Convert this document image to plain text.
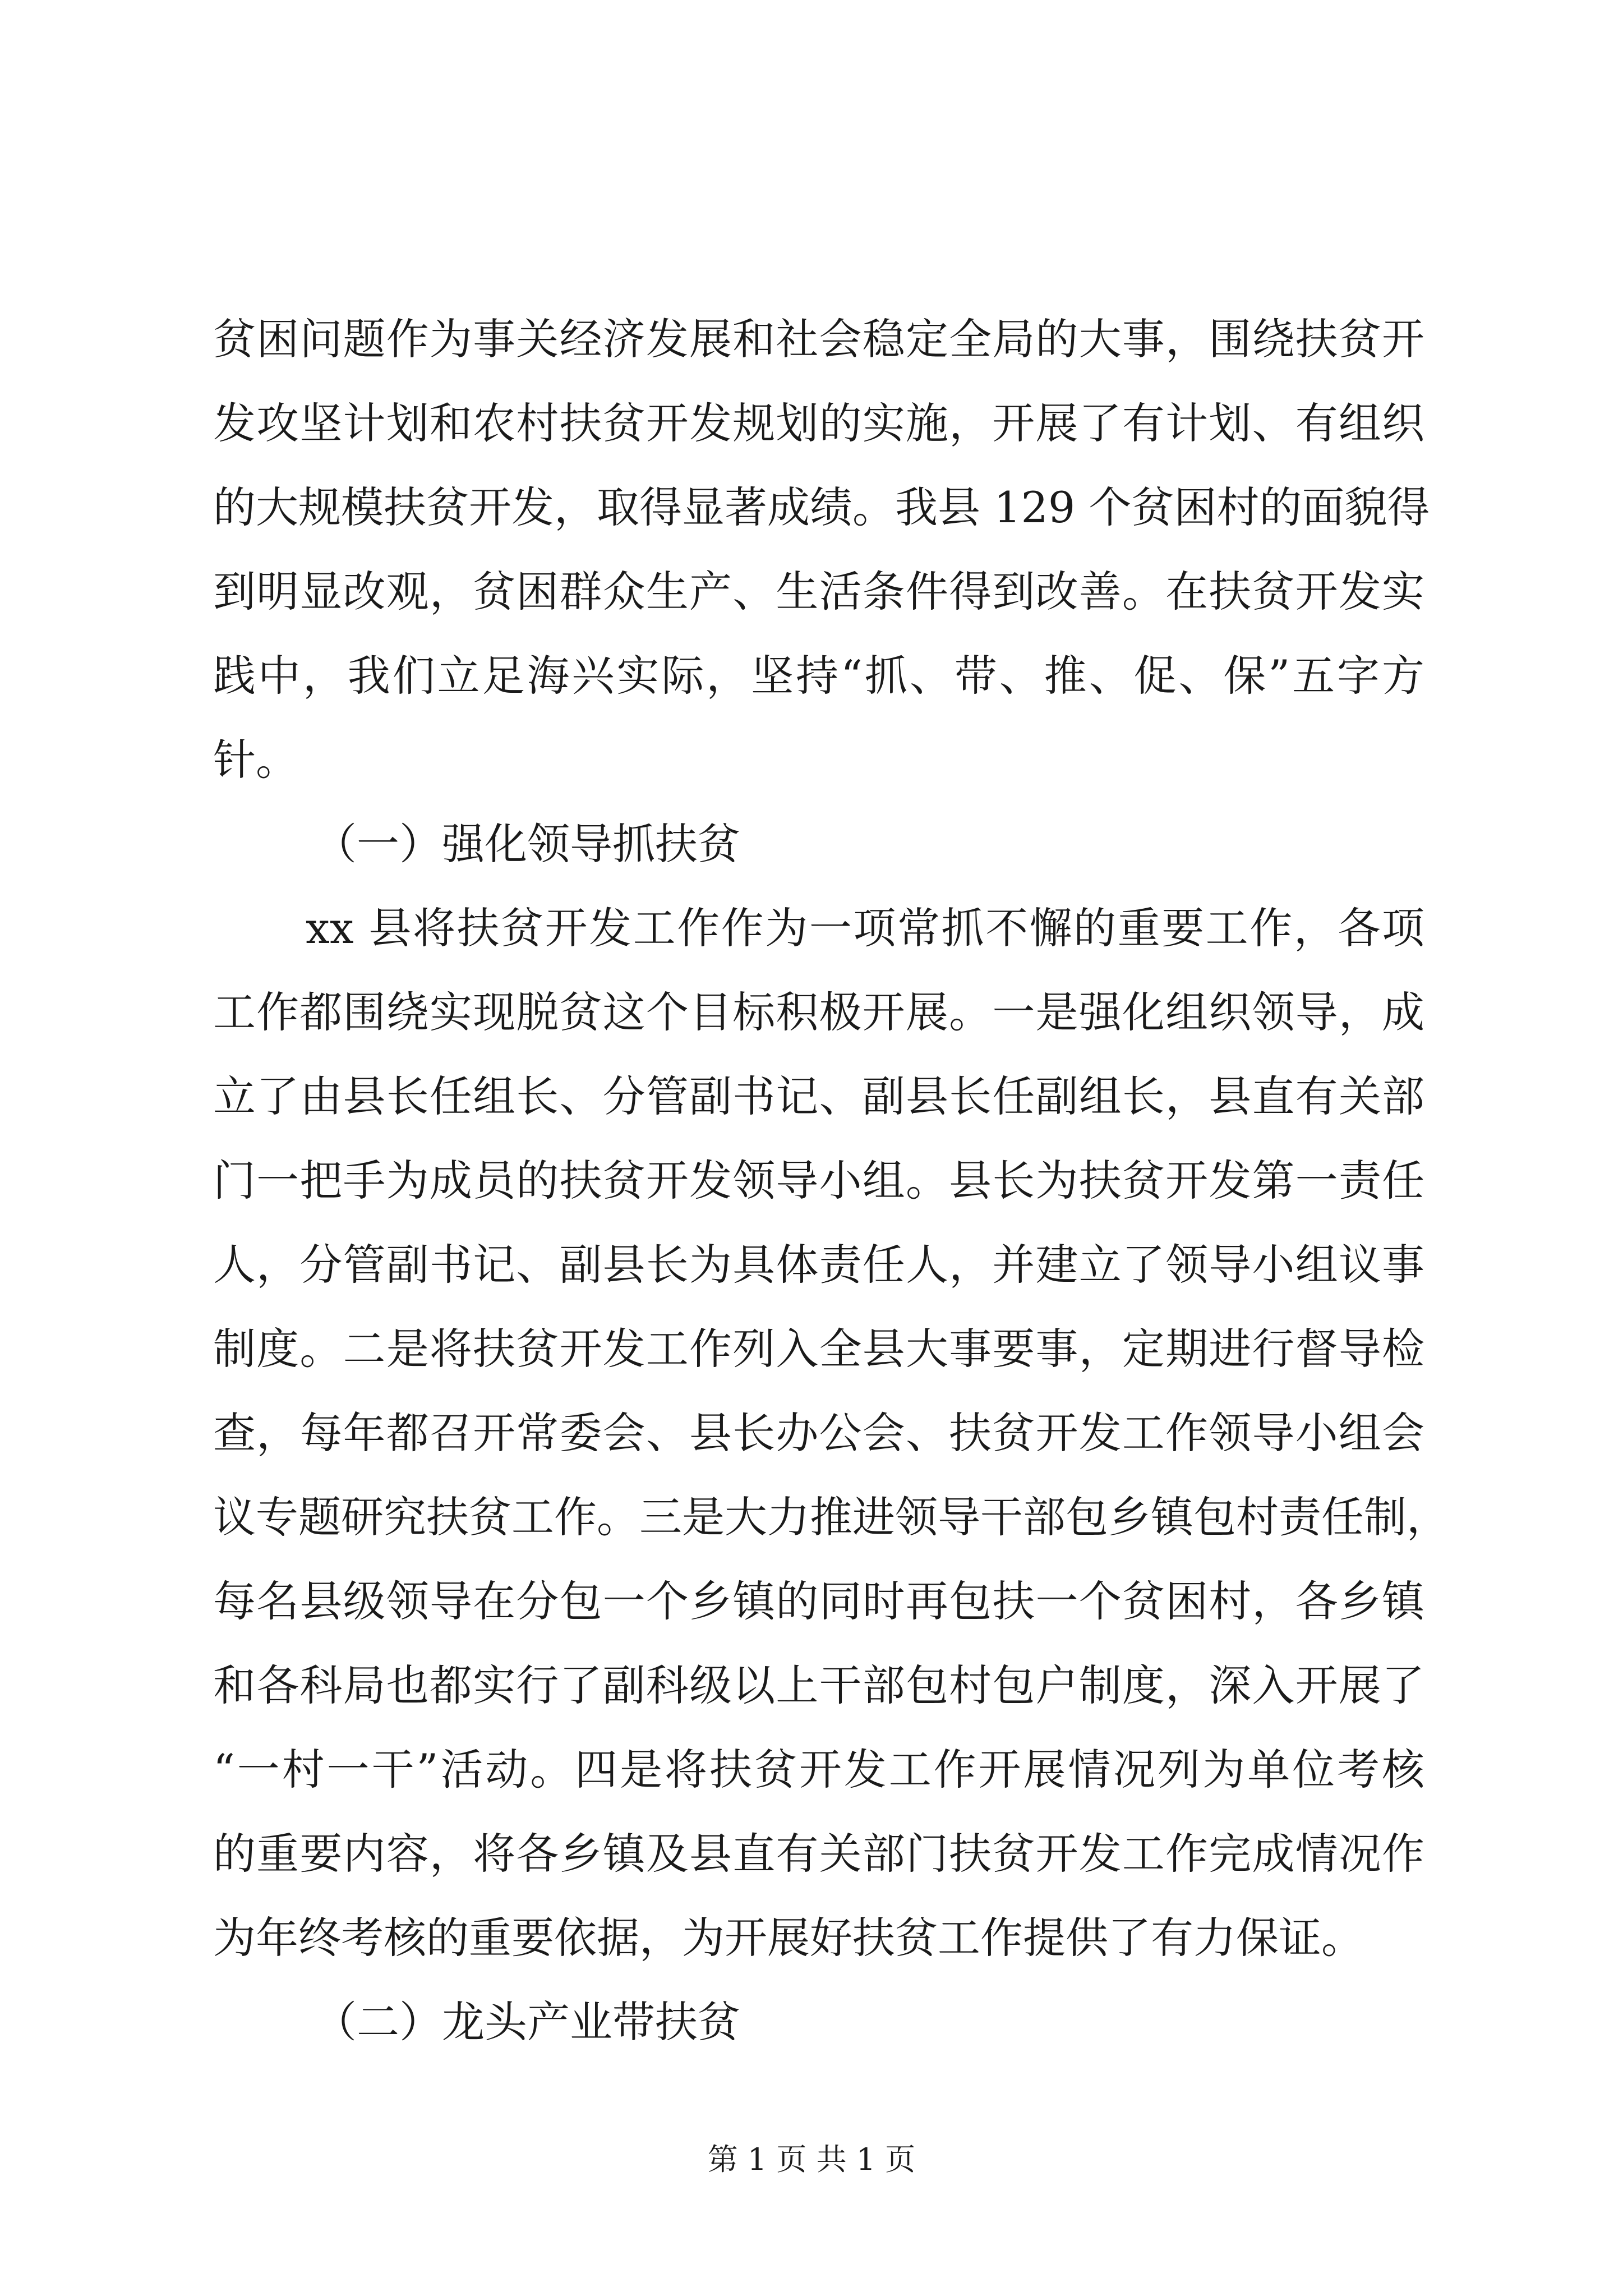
贫困问题作为事关经济发展和社会稳定全局的大事，围绕扶贫开
发攻坚计划和农村扶贫开发规划的实施，开展了有计划、有组织
的大规模扶贫开发，取得显著成绩。我县 129 个贫困村的面貌得
到明显改观，贫困群众生产、生活条件得到改善。在扶贫开发实
践中，我们立足海兴实际，坚持“抓、带、推、促、保”五字方
针。
（一）强化领导抓扶贫
xx 县将扶贫开发工作作为一项常抓不懈的重要工作，各项
工作都围绕实现脱贫这个目标积极开展。一是强化组织领导，成
立了由县长任组长、分管副书记、副县长任副组长，县直有关部
门一把手为成员的扶贫开发领导小组。县长为扶贫开发第一责任
人，分管副书记、副县长为具体责任人，并建立了领导小组议事
制度。二是将扶贫开发工作列入全县大事要事，定期进行督导检
查，每年都召开常委会、县长办公会、扶贫开发工作领导小组会
议专题研究扶贫工作。三是大力推进领导干部包乡镇包村责任制，
每名县级领导在分包一个乡镇的同时再包扶一个贫困村，各乡镇
和各科局也都实行了副科级以上干部包村包户制度，深入开展了
“一村一干”活动。四是将扶贫开发工作开展情况列为单位考核
的重要内容，将各乡镇及县直有关部门扶贫开发工作完成情况作
为年终考核的重要依据，为开展好扶贫工作提供了有力保证。
（二）龙头产业带扶贫
第 1 页 共 1 页
